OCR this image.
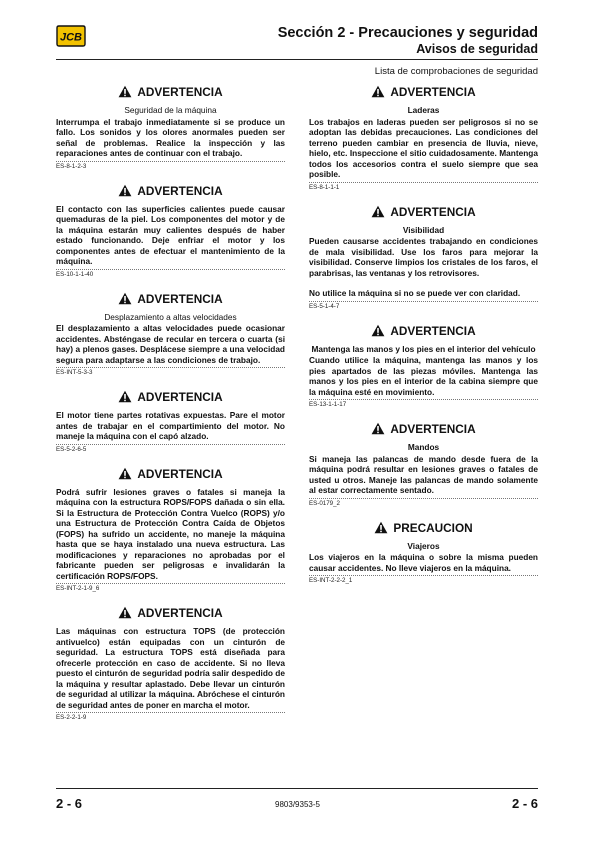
JCB	Sección 2 - Precauciones y seguridad
Avisos de seguridad
Lista de comprobaciones de seguridad
ADVERTENCIA
Seguridad de la máquina

Interrumpa el trabajo inmediatamente si se produce un fallo. Los sonidos y los olores anormales pueden ser señal de problemas. Realice la inspección y las reparaciones antes de continuar con el trabajo.

ES-8-1-2-3
ADVERTENCIA

El contacto con las superficies calientes puede causar quemaduras de la piel. Los componentes del motor y de la máquina estarán muy calientes después de haber estado funcionando. Deje enfriar el motor y los componentes antes de efectuar el mantenimiento de la máquina.

ES-10-1-1-40
ADVERTENCIA
Desplazamiento a altas velocidades

El desplazamiento a altas velocidades puede ocasionar accidentes. Absténgase de recular en tercera o cuarta (si hay) a plenos gases. Desplácese siempre a una velocidad segura para adaptarse a las condiciones de trabajo.

ES-INT-5-3-3
ADVERTENCIA

El motor tiene partes rotativas expuestas. Pare el motor antes de trabajar en el compartimiento del motor. No maneje la máquina con el capó alzado.

ES-5-2-6-5
ADVERTENCIA

Podrá sufrir lesiones graves o fatales si maneja la máquina con la estructura ROPS/FOPS dañada o sin ella. Si la Estructura de Protección Contra Vuelco (ROPS) y/o una Estructura de Protección Contra Caída de Objetos (FOPS) ha sufrido un accidente, no maneje la máquina hasta que se haya instalado una nueva estructura. Las modificaciones y reparaciones no aprobadas por el fabricante pueden ser peligrosas e invalidarán la certificación ROPS/FOPS.

ES-INT-2-1-9_6
ADVERTENCIA

Las máquinas con estructura TOPS (de protección antivuelco) están equipadas con un cinturón de seguridad. La estructura TOPS está diseñada para ofrecerle protección en caso de accidente. Si no lleva puesto el cinturón de seguridad podría salir despedido de la máquina y resultar aplastado. Debe llevar un cinturón de seguridad al utilizar la máquina. Abróchese el cinturón de seguridad antes de poner en marcha el motor.

ES-2-2-1-9
ADVERTENCIA
Laderas

Los trabajos en laderas pueden ser peligrosos si no se adoptan las debidas precauciones. Las condiciones del terreno pueden cambiar en presencia de lluvia, nieve, hielo, etc. Inspeccione el sitio cuidadosamente. Mantenga todos los accesorios contra el suelo siempre que sea posible.

ES-8-1-1-1
ADVERTENCIA
Visibilidad

Pueden causarse accidentes trabajando en condiciones de mala visibilidad. Use los faros para mejorar la visibilidad. Conserve limpios los cristales de los faros, el parabrisas, las ventanas y los retrovisores.

No utilice la máquina si no se puede ver con claridad.

ES-5-1-4-7
ADVERTENCIA
Mantenga las manos y los pies en el interior del vehículo

Cuando utilice la máquina, mantenga las manos y los pies apartados de las piezas móviles. Mantenga las manos y los pies en el interior de la cabina siempre que la máquina esté en movimiento.

ES-13-1-1-17
ADVERTENCIA
Mandos

Si maneja las palancas de mando desde fuera de la máquina podrá resultar en lesiones graves o fatales de usted u otros. Maneje las palancas de mando solamente al estar correctamente sentado.

ES-0179_2
PRECAUCION
Viajeros

Los viajeros en la máquina o sobre la misma pueden causar accidentes. No lleve viajeros en la máquina.

ES-INT-2-2-2_1
2 - 6	9803/9353-5	2 - 6
